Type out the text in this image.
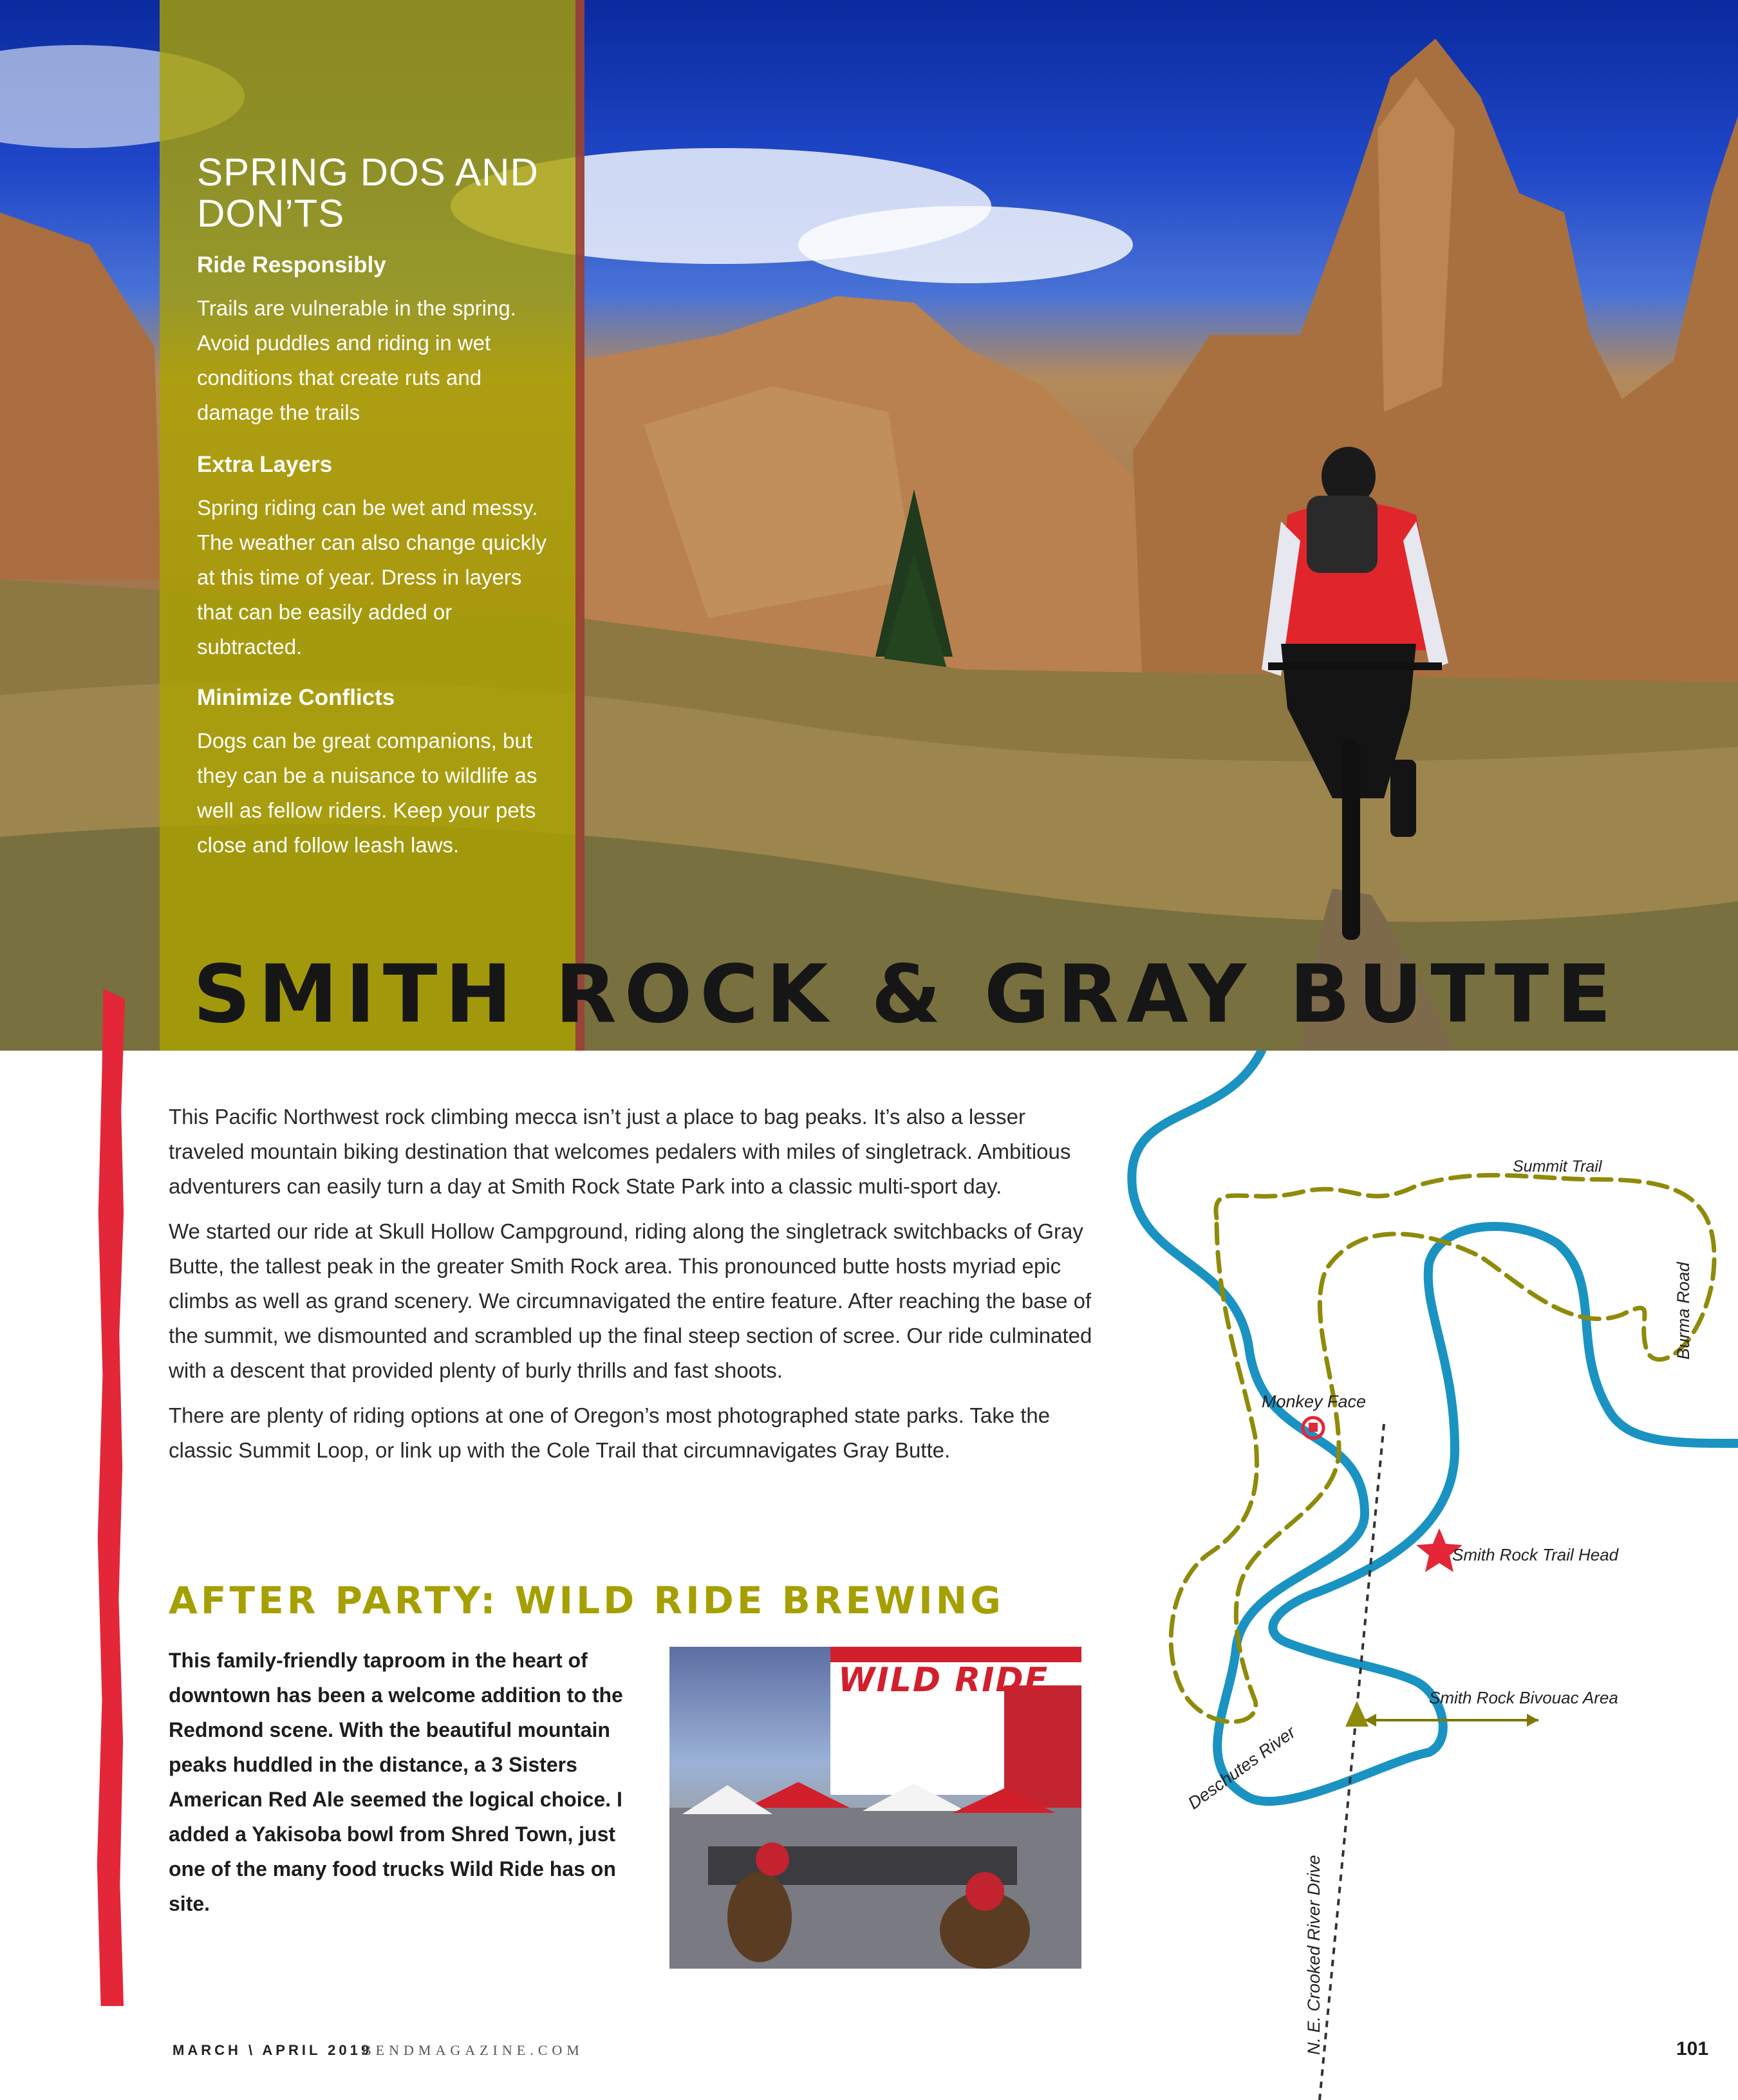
SPRING DOS AND DON’TS
Ride Responsibly

Trails are vulnerable in the spring. Avoid puddles and riding in wet conditions that create ruts and damage the trails

Extra Layers

Spring riding can be wet and messy. The weather can also change quickly at this time of year. Dress in layers that can be easily added or subtracted.

Minimize Conflicts

Dogs can be great companions, but they can be a nuisance to wildlife as well as fellow riders. Keep your pets close and follow leash laws.

SMITH ROCK & GRAY BUTTE

This Pacific Northwest rock climbing mecca isn’t just a place to bag peaks. It’s also a lesser traveled mountain biking destination that welcomes pedalers with miles of singletrack. Ambitious adventurers can easily turn a day at Smith Rock State Park into a classic multi-sport day.

We started our ride at Skull Hollow Campground, riding along the singletrack switchbacks of Gray Butte, the tallest peak in the greater Smith Rock area. This pronounced butte hosts myriad epic climbs as well as grand scenery. We circumnavigated the entire feature. After reaching the base of the summit, we dismounted and scrambled up the final steep section of scree. Our ride culminated with a descent that provided plenty of burly thrills and fast shoots.

There are plenty of riding options at one of Oregon’s most photographed state parks. Take the classic Summit Loop, or link up with the Cole Trail that circumnavigates Gray Butte.

AFTER PARTY: WILD RIDE BREWING

This family-friendly taproom in the heart of downtown has been a welcome addition to the Redmond scene. With the beautiful mountain peaks huddled in the distance, a 3 Sisters American Red Ale seemed the logical choice. I added a Yakisoba bowl from Shred Town, just one of the many food trucks Wild Ride has on site.

WILD RIDE
Summit Trail
Burma Road
Monkey Face
Smith Rock Trail Head
Smith Rock Bivouac Area
Deschutes River
N. E. Crooked River Drive
MARCH \ APRIL 2019
BENDMAGAZINE.COM	101
